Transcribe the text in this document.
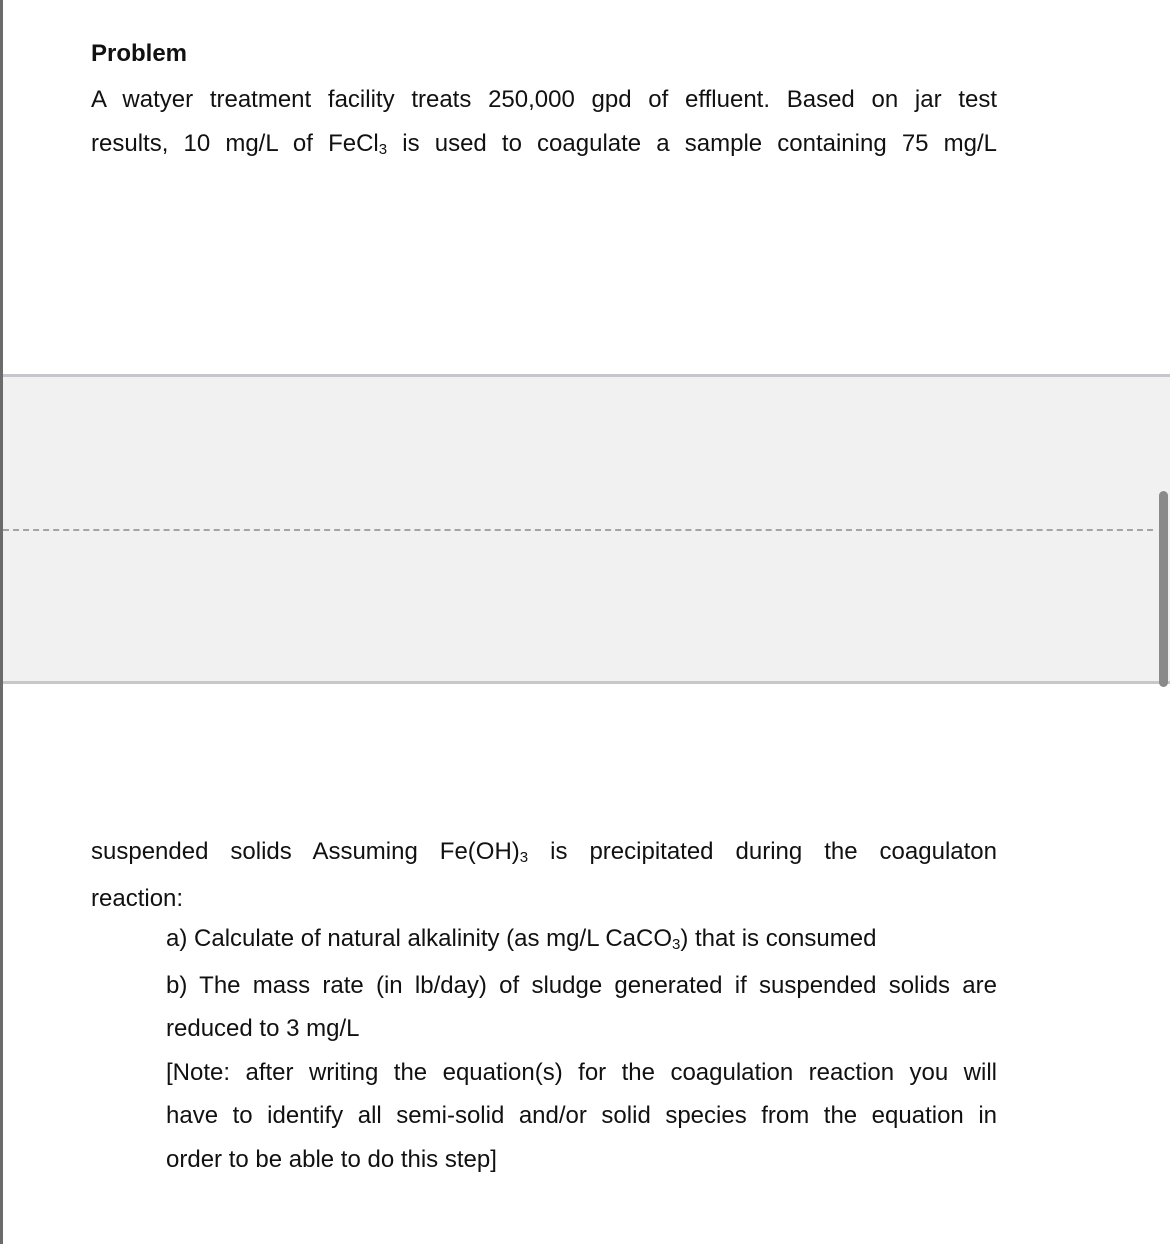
Problem
A watyer treatment facility treats 250,000 gpd of effluent. Based on jar test
results, 10 mg/L of FeCl$_3$ is used to coagulate a sample containing 75 mg/L
suspended solids Assuming $Fe(OH)_3$ is precipitated during the coagulaton
reaction:
a) Calculate of natural alkalinity (as mg/L CaCO$_3$) that is consumed
b) The mass rate (in lb/day) of sludge generated if suspended solids are
reduced to 3 mg/L
[Note: after writing the equation(s) for the coagulation reaction you will
have to identify all semi-solid and/or solid species from the equation in
order to be able to do this step]
